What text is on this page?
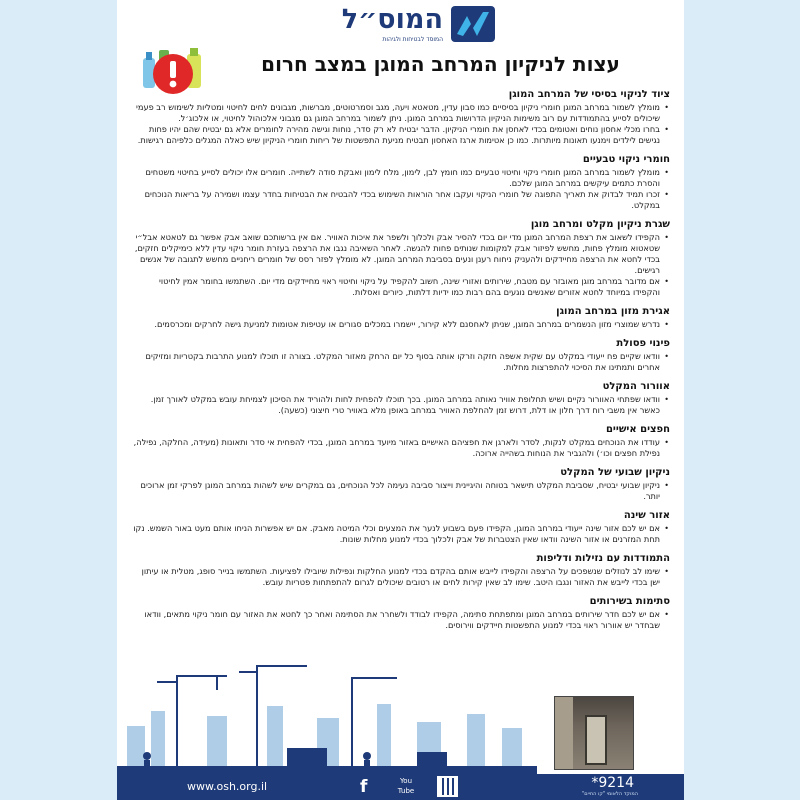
המוס״ל
המוסד לבטיחות ולגיהות
עצות לניקיון המרחב המוגן במצב חרום
ציוד לניקוי בסיסי של המרחב המוגן
• מומלץ לשמור במרחב המוגן חומרי ניקיון בסיסיים כמו סבון עדין, מטאטא ויעה, מגב וסמרטוטים, מברשות, מגבונים לחים לחיטוי ומטליות לשימוש רב פעמי שיכולים לסייע בהתמודדות עם רוב משימות הניקיון הדרושות במרחב המוגן. ניתן לשמור במרחב המוגן גם מגבוני אלכוהול לחיטוי, או אלכוג׳ל.
• בחרו מכלי אחסון נוחים ואטומים בכדי לאחסן את חומרי הניקיון. הדבר יבטיח לא רק סדר, נוחות וגישה מהירה לחומרים אלא גם יבטיח שהם יהיו פחות נגישים לילדים וימנעו תאונות מיותרות. כמו כן אטימות ארגז האחסון תבטיח מניעת התפשטות של ריחות חומרי הניקיון שיש כאלה המגלים כלפיהם רגישות.
חומרי ניקוי טבעיים
• מומלץ לשמור במרחב המוגן חומרי ניקוי וחיטוי טבעיים כמו חומץ לבן, לימון, מלח לימון ואבקת סודה לשתייה. חומרים אלו יכולים לסייע בחיטוי משטחים והסרת כתמים עיקשים במרחב המוגן שלכם.
• זכרו תמיד לבדוק את תאריך התפוגה של חומרי הניקוי ועקבו אחר הוראות השימוש בכדי להבטיח את הבטיחות בחדר עצמו ושמירה על בריאות הנוכחים במקלט.
שגרת ניקיון מקלט ומרחב מוגן
• הקפידו לשאוב את רצפת המרחב המוגן מדי יום בכדי להסיר אבק ולכלוך ולשפר את איכות האוויר. אם אין ברשותכם שואב אבק אפשר גם לטאטא אבל״י שטאטוא מומלץ פחות, מחשש לפיזור אבק למקומות שנותים פחות להגשה. לאחר השאיבה נגבו את הרצפה בעזרת חומר ניקוי עדין ללא כימיקלים חזקים, בכדי לחטא את הרצפה מחיידקים ולהעניק ניחוח רענן ונעים בסביבת המרחב המוגן. לא מומלץ לפזר רסס של חומרים ריחניים מחשש לתגובה של אנשים רגישים.
• אם מדובר במרחב מוגן מאובזר עם מטבח, שירותים ואזורי שינה, חשוב להקפיד על ניקוי וחיטוי ראוי מחיידקים מדי יום. השתמשו בחומר אמין לחיטוי והקפידו במיוחד לחטא אזורים שאנשים נוגעים בהם רבות כמו ידיות דלתות, כיורים ואסלות.
אגירת מזון במרחב המוגן
• נדרש שמוצרי מזון הנשמרים במרחב המוגן, שניתן לאחסנם ללא קירור, יישמרו במכלים סגורים או עטיפות אטומות למניעת גישה לחרקים ומכרסמים.
פינוי פסולת
• וודאו שקיים פח ייעודי במקלט עם שקית אשפה חזקה וזרקו אותה בסוף כל יום הרחק מאזור המקלט. בצורה זו תוכלו למנוע התרבות בקטריות ומזיקים אחרים ותמתינו את הסיכוי להתפרצות מחלות.
אוורור המקלט
• וודאו שפתחי האוורור נקיים ושיש תחלופת אוויר נאותה במרחב המוגן. בכך תוכלו להפחית לחות ולהוריד את הסיכון לצמיחת עובש במקלט לאורך זמן. כאשר אין משבי רוח דרך חלון או דלת, דרוש זמן להחלפת האוויר במרחב באופן מלא באוויר טרי חיצוני (כשעה).
חפצים אישיים
• עודדו את הנוכחים במקלט לנקות, לסדר ולארגן את חפציהם האישיים באזור מיועד במרחב המוגן, בכדי להפחית אי סדר ותאונות (מעידה, החלקה, נפילה, נפילת חפצים וכו׳) ולהגביר את הנוחות בשהייה ארוכה.
ניקיון שבועי של המקלט
• ניקיון שבועי יבטיח, שסביבת המקלט תישאר בטוחה והיגיינית וייצור סביבה נעימה לכל הנוכחים, גם במקרים שיש לשהות במרחב המוגן לפרקי זמן ארוכים יותר.
אזור שינה
• אם יש לכם אזור שינה ייעודי במרחב המוגן, הקפידו פעם בשבוע לנער את המצעים וכלי המיטה מאבק. אם יש אפשרות הניחו אותם מעט באור השמש. נקו תחת המזרנים או אזור השינה וודאו שאין הצטברות של אבק ולכלוך בכדי למנוע מחלות שונות.
התמודדות עם נזילות ודליפות
• שימו לב לנוזלים שנשפכים על הרצפה והקפידו לייבש אותם בהקדם בכדי למנוע החלקות ונפילות שיובילו לפציעות. השתמשו בנייר סופג, מטלית או עיתון ישן בכדי לייבש את האזור ונגבו היטב. שימו לב שאין קירות לחים או רטובים שיכולים לגרום להתפתחות פטריות עובש.
סתימות בשירותים
• אם יש לכם חדר שירותים במרחב המוגן ומתפתחת סתימה, הקפידו לבודד ולשחרר את הסתימה ואחר כך לחטא את האזור עם חומר ניקוי מתאים, וודאו שבחדר יש אוורור ראוי בכדי למנוע התפשטות חיידקים ווירוסים.
www.osh.org.il	f	You Tube	*9214
המוקד הלאומי "קו החיים"
